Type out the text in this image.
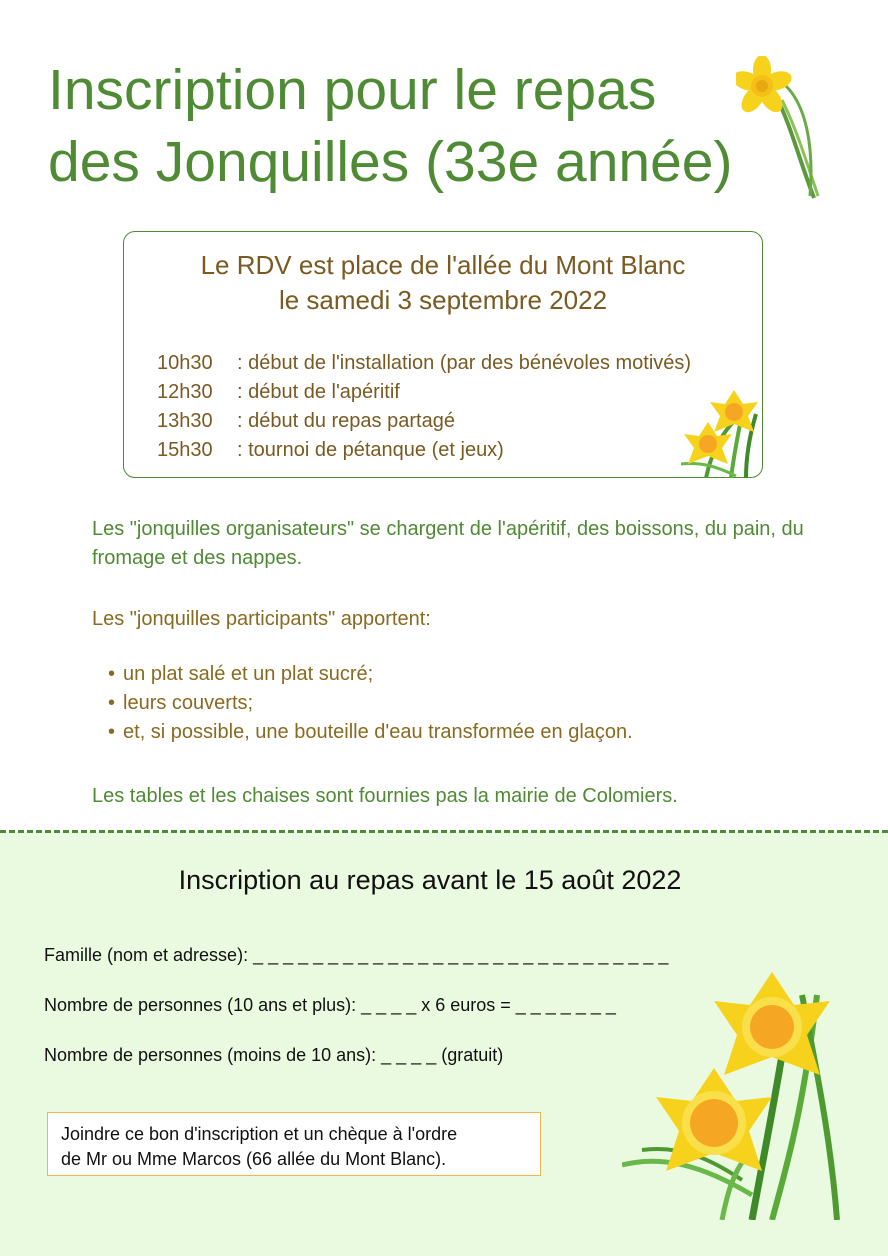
Inscription pour le repas
des Jonquilles (33e année)
Le RDV est place de l'allée du Mont Blanc
le samedi 3 septembre 2022
10h30	: début de l'installation (par des bénévoles motivés)
12h30	: début de l'apéritif
13h30	: début du repas partagé
15h30	: tournoi de pétanque (et jeux)
Les "jonquilles organisateurs" se chargent de l'apéritif, des boissons, du pain, du fromage et des nappes.
Les "jonquilles participants" apportent:
• un plat salé et un plat sucré;
• leurs couverts;
• et, si possible, une bouteille d'eau transformée en glaçon.
Les tables et les chaises sont fournies pas la mairie de Colomiers.
Inscription au repas avant le 15 août 2022
Famille (nom et adresse): _ _ _ _ _ _ _ _ _ _ _ _ _ _ _ _ _ _ _ _ _ _ _ _ _ _ _ _
Nombre de personnes (10 ans et plus): _ _ _ _ x 6 euros = _ _ _ _ _ _ _
Nombre de personnes (moins de 10 ans): _ _ _ _ (gratuit)
Joindre ce bon d'inscription et un chèque à l'ordre
de Mr ou Mme Marcos (66 allée du Mont Blanc).
